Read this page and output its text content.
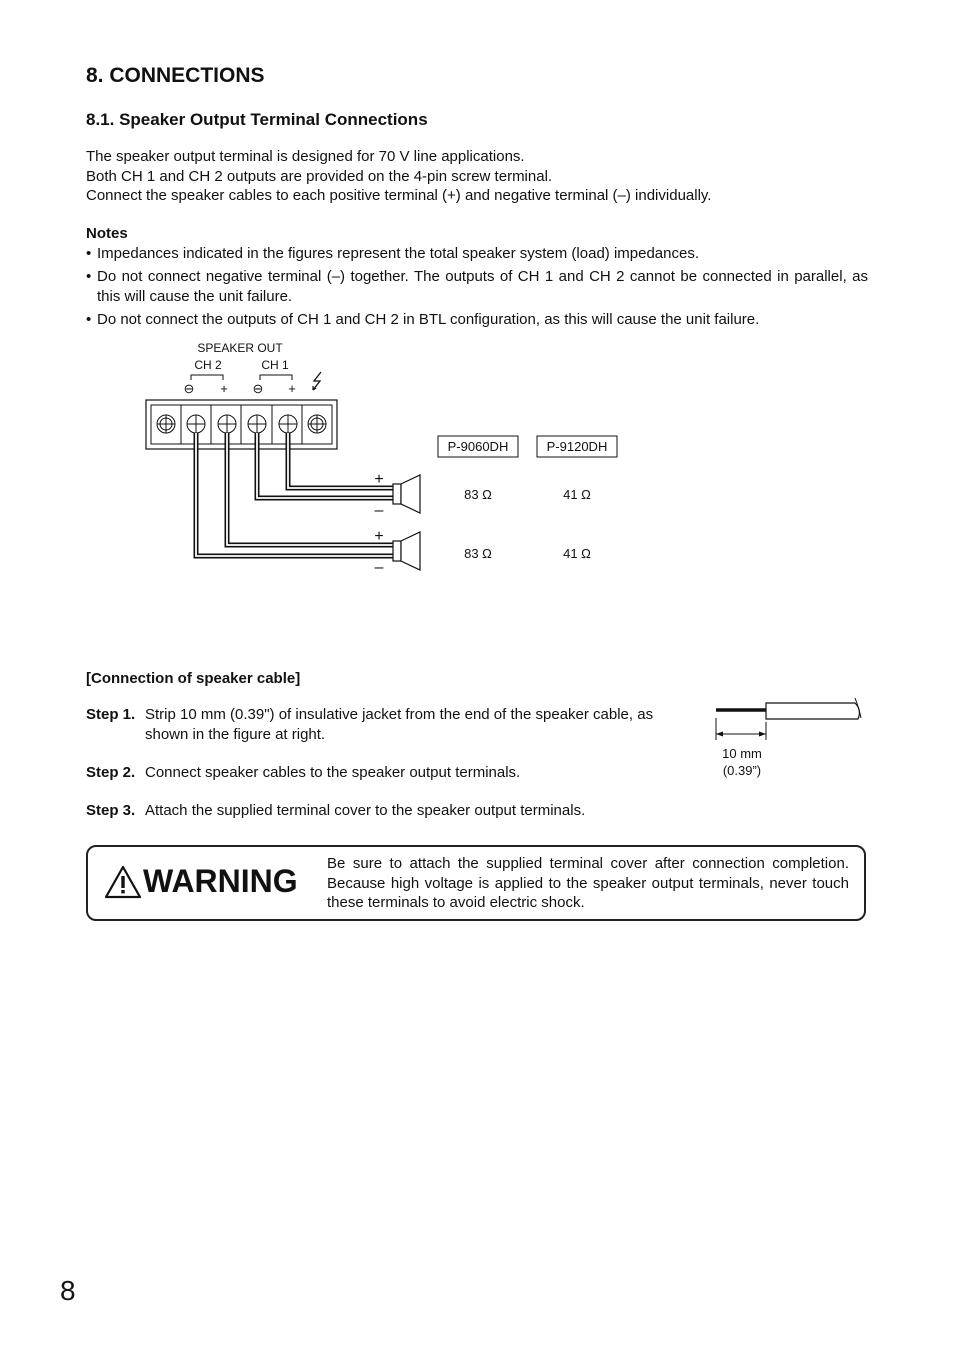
8. CONNECTIONS
8.1. Speaker Output Terminal Connections
The speaker output terminal is designed for 70 V line applications.
Both CH 1 and CH 2 outputs are provided on the 4-pin screw terminal.
Connect the speaker cables to each positive terminal (+) and negative terminal (–) individually.
Notes
• Impedances indicated in the figures represent the total speaker system (load) impedances.
• Do not connect negative terminal (–) together. The outputs of CH 1 and CH 2 cannot be connected in parallel, as this will cause the unit failure.
• Do not connect the outputs of CH 1 and CH 2 in BTL configuration, as this will cause the unit failure.
SPEAKER OUT
CH 2	CH 1
⊖ + ⊖ +
+
–
+
–
P-9060DH	P-9120DH
83 Ω	41 Ω
83 Ω	41 Ω
[Connection of speaker cable]
Step 1. Strip 10 mm (0.39") of insulative jacket from the end of the speaker cable, as shown in the figure at right.
Step 2. Connect speaker cables to the speaker output terminals.
Step 3. Attach the supplied terminal cover to the speaker output terminals.
10 mm
(0.39”)
WARNING Be sure to attach the supplied terminal cover after connection completion. Because high voltage is applied to the speaker output terminals, never touch these terminals to avoid electric shock.
8
